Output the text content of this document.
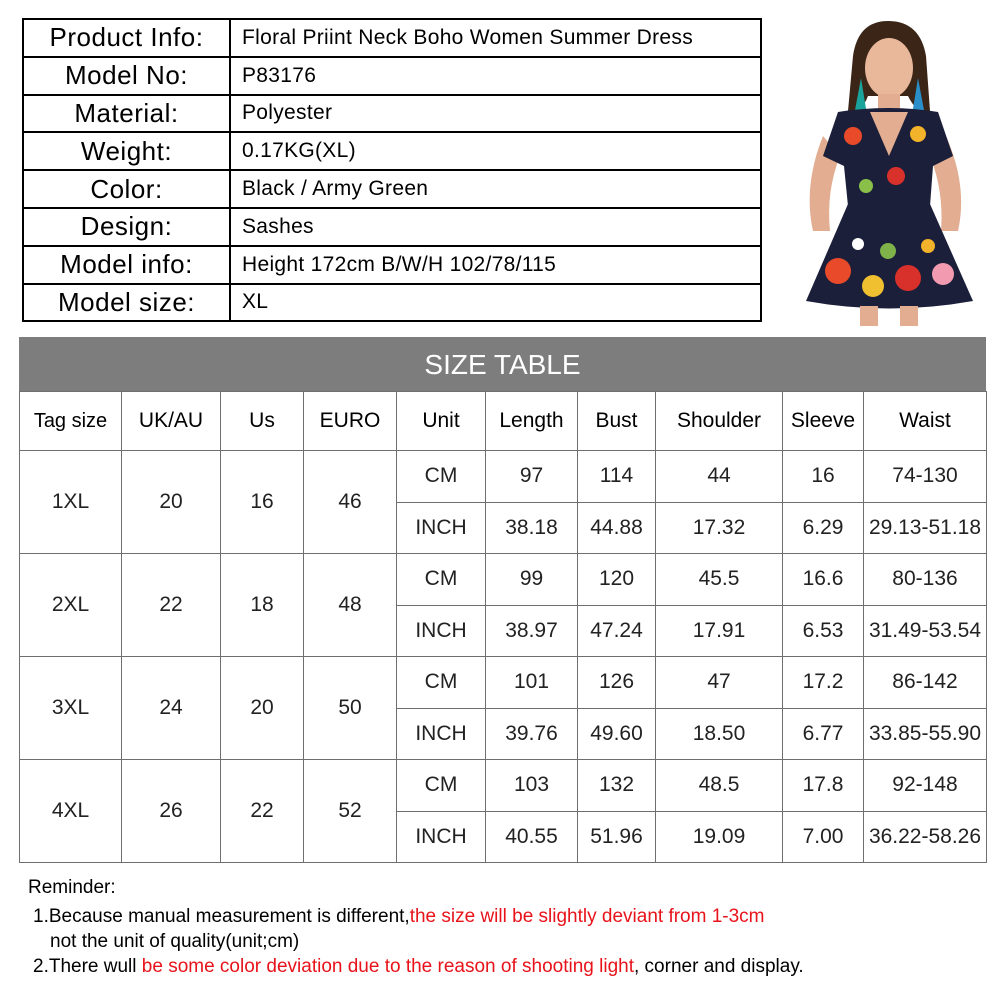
Product Info:	Floral Priint Neck Boho Women Summer Dress
Model No:	P83176
Material:	Polyester
Weight:	0.17KG(XL)
Color:	Black / Army Green
Design:	Sashes
Model info:	Height 172cm B/W/H 102/78/115
Model size:	XL
SIZE TABLE
Tag size	UK/AU	Us	EURO	Unit	Length	Bust	Shoulder	Sleeve	Waist
1XL	20	16	46	CM	97	114	44	16	74-130
				INCH	38.18	44.88	17.32	6.29	29.13-51.18
2XL	22	18	48	CM	99	120	45.5	16.6	80-136
				INCH	38.97	47.24	17.91	6.53	31.49-53.54
3XL	24	20	50	CM	101	126	47	17.2	86-142
				INCH	39.76	49.60	18.50	6.77	33.85-55.90
4XL	26	22	52	CM	103	132	48.5	17.8	92-148
				INCH	40.55	51.96	19.09	7.00	36.22-58.26
Reminder:
1.Because manual measurement is different,the size will be slightly deviant from 1-3cm
not the unit of quality(unit;cm)
2.There wull be some color deviation due to the reason of shooting light, corner and display.
